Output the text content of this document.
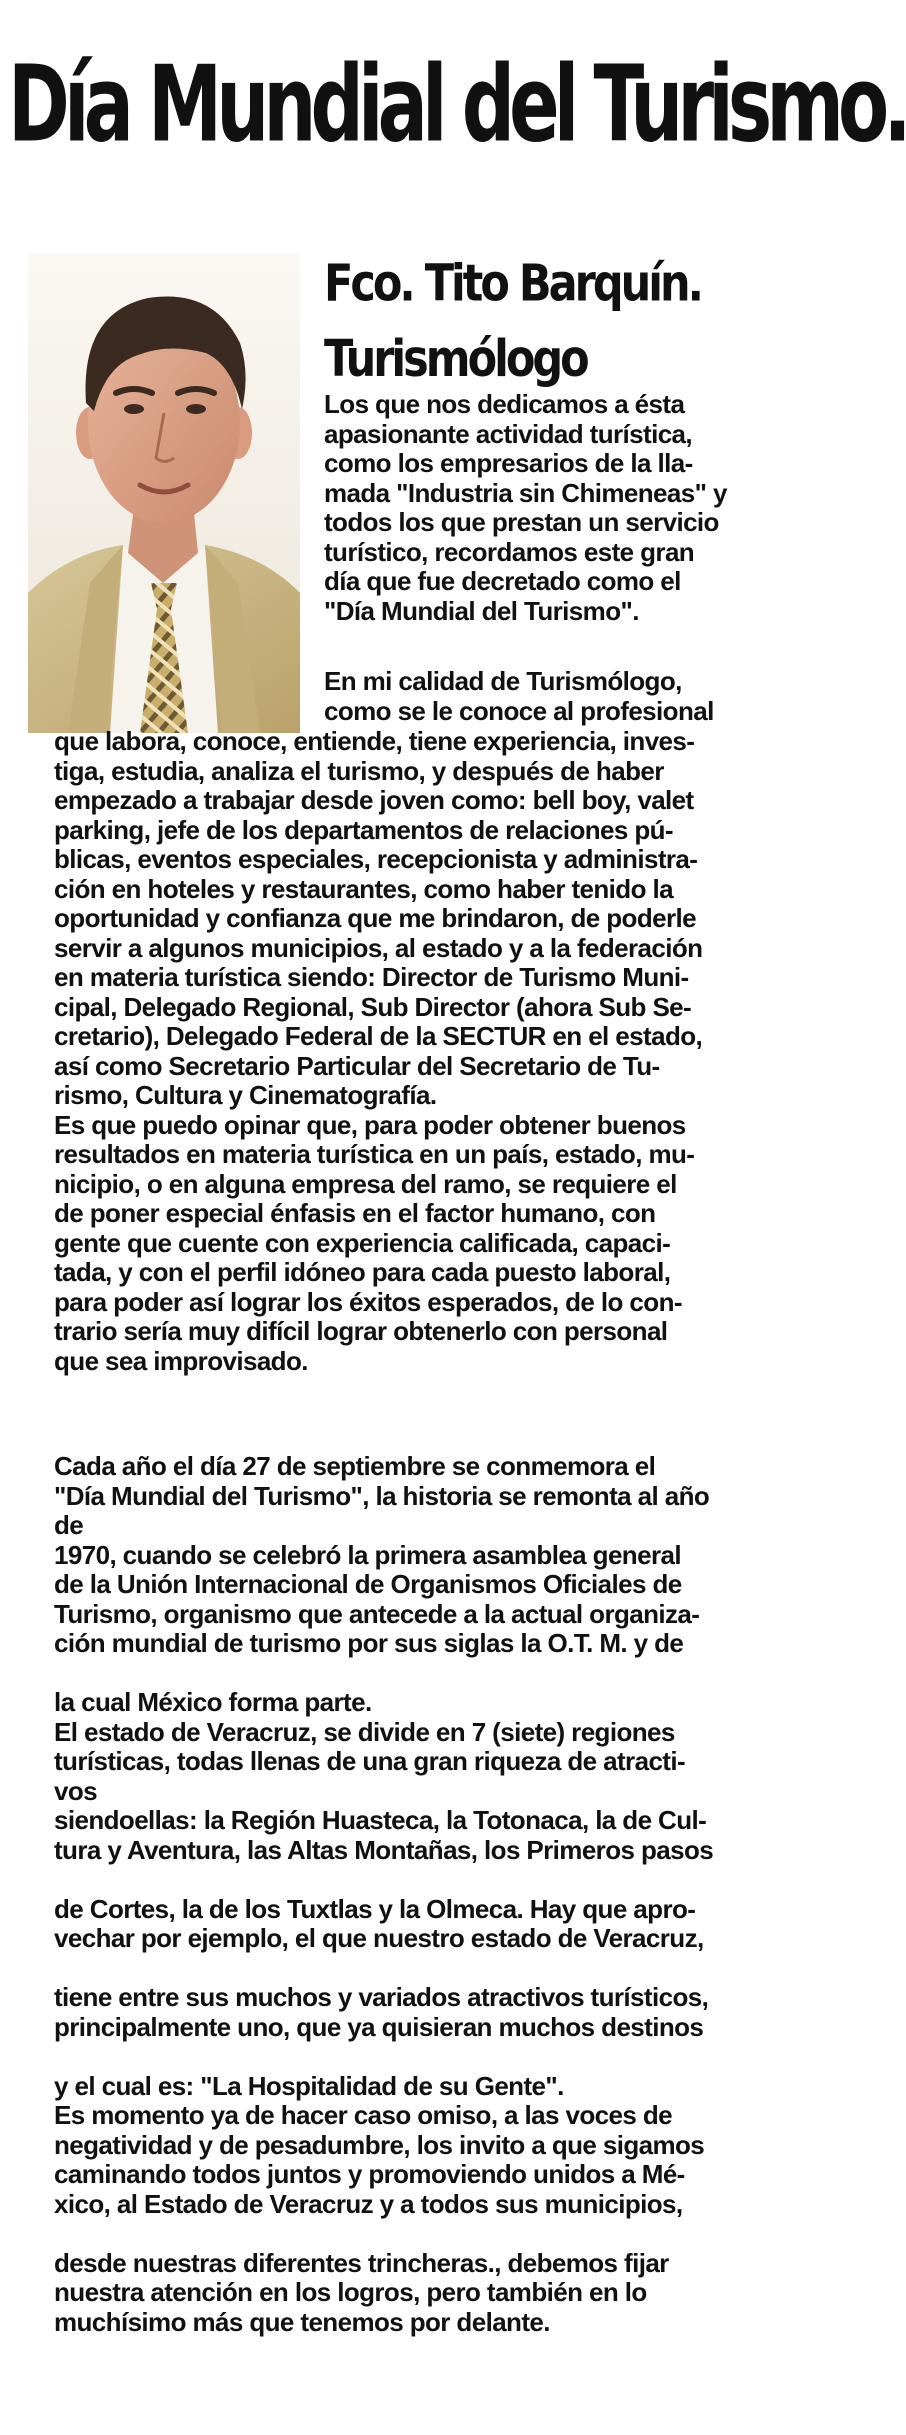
Día Mundial del Turismo.
Fco. Tito Barquín.
Turismólogo
Los que nos dedicamos a ésta
apasionante actividad turística,
como los empresarios de la lla-
mada "Industria sin Chimeneas" y
todos los que prestan un servicio
turístico, recordamos este gran
día que fue decretado como el
"Día Mundial del Turismo".
En mi calidad de Turismólogo,
como se le conoce al profesional
que labora, conoce, entiende, tiene experiencia, inves-
tiga, estudia, analiza el turismo, y después de haber
empezado a trabajar desde joven como: bell boy, valet
parking, jefe de los departamentos de relaciones pú-
blicas, eventos especiales, recepcionista y administra-
ción en hoteles y restaurantes, como haber tenido la
oportunidad y confianza que me brindaron, de poderle
servir a algunos municipios, al estado y a la federación
en materia turística siendo: Director de Turismo Muni-
cipal, Delegado Regional, Sub Director (ahora Sub Se-
cretario), Delegado Federal de la SECTUR en el estado,
así como Secretario Particular del Secretario de Tu-
rismo, Cultura y Cinematografía.
Es que puedo opinar que, para poder obtener buenos
resultados en materia turística en un país, estado, mu-
nicipio, o en alguna empresa del ramo, se requiere el
de poner especial énfasis en el factor humano, con
gente que cuente con experiencia calificada, capaci-
tada, y con el perfil idóneo para cada puesto laboral,
para poder así lograr los éxitos esperados, de lo con-
trario sería muy difícil lograr obtenerlo con personal
que sea improvisado.
Cada año el día 27 de septiembre se conmemora el
"Día Mundial del Turismo", la historia se remonta al año
de
1970, cuando se celebró la primera asamblea general
de la Unión Internacional de Organismos Oficiales de
Turismo, organismo que antecede a la actual organiza-
ción mundial de turismo por sus siglas la O.T. M. y de
la cual México forma parte.
El estado de Veracruz, se divide en 7 (siete) regiones
turísticas, todas llenas de una gran riqueza de atracti-
vos
siendoellas: la Región Huasteca, la Totonaca, la de Cul-
tura y Aventura, las Altas Montañas, los Primeros pasos
de Cortes, la de los Tuxtlas y la Olmeca. Hay que apro-
vechar por ejemplo, el que nuestro estado de Veracruz,
tiene entre sus muchos y variados atractivos turísticos,
principalmente uno, que ya quisieran muchos destinos
y el cual es: "La Hospitalidad de su Gente".
Es momento ya de hacer caso omiso, a las voces de
negatividad y de pesadumbre, los invito a que sigamos
caminando todos juntos y promoviendo unidos a Mé-
xico, al Estado de Veracruz y a todos sus municipios,
desde nuestras diferentes trincheras., debemos fijar
nuestra atención en los logros, pero también en lo
muchísimo más que tenemos por delante.
